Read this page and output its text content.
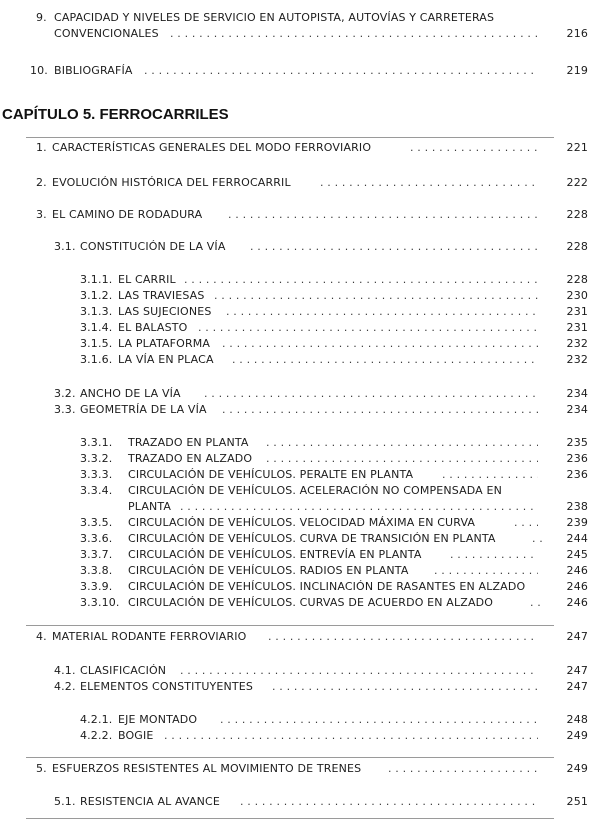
9. CAPACIDAD Y NIVELES DE SERVICIO EN AUTOPISTA, AUTOVÍAS Y CARRETERAS
CONVENCIONALES . . .	216
10. BIBLIOGRAFÍA . . .	219
CAPÍTULO 5. FERROCARRILES
1. CARACTERÍSTICAS GENERALES DEL MODO FERROVIARIO . . .	221
2. EVOLUCIÓN HISTÓRICA DEL FERROCARRIL . . .	222
3. EL CAMINO DE RODADURA . . .	228
3.1. CONSTITUCIÓN DE LA VÍA . . .	228
3.1.1. EL CARRIL . . .	228
3.1.2. LAS TRAVIESAS . . .	230
3.1.3. LAS SUJECIONES . . .	231
3.1.4. EL BALASTO . . .	231
3.1.5. LA PLATAFORMA . . .	232
3.1.6. LA VÍA EN PLACA . . .	232
3.2. ANCHO DE LA VÍA . . .	234
3.3. GEOMETRÍA DE LA VÍA . . .	234
3.3.1. TRAZADO EN PLANTA . . .	235
3.3.2. TRAZADO EN ALZADO . . .	236
3.3.3. CIRCULACIÓN DE VEHÍCULOS. PERALTE EN PLANTA . . .	236
3.3.4. CIRCULACIÓN DE VEHÍCULOS. ACELERACIÓN NO COMPENSADA EN
PLANTA . . .	238
3.3.5. CIRCULACIÓN DE VEHÍCULOS. VELOCIDAD MÁXIMA EN CURVA . . .	239
3.3.6. CIRCULACIÓN DE VEHÍCULOS. CURVA DE TRANSICIÓN EN PLANTA . . .	244
3.3.7. CIRCULACIÓN DE VEHÍCULOS. ENTREVÍA EN PLANTA . . .	245
3.3.8. CIRCULACIÓN DE VEHÍCULOS. RADIOS EN PLANTA . . .	246
3.3.9. CIRCULACIÓN DE VEHÍCULOS. INCLINACIÓN DE RASANTES EN ALZADO	246
3.3.10. CIRCULACIÓN DE VEHÍCULOS. CURVAS DE ACUERDO EN ALZADO . . .	246
4. MATERIAL RODANTE FERROVIARIO . . .	247
4.1. CLASIFICACIÓN . . .	247
4.2. ELEMENTOS CONSTITUYENTES . . .	247
4.2.1. EJE MONTADO . . .	248
4.2.2. BOGIE . . .	249
5. ESFUERZOS RESISTENTES AL MOVIMIENTO DE TRENES . . .	249
5.1. RESISTENCIA AL AVANCE . . .	251
